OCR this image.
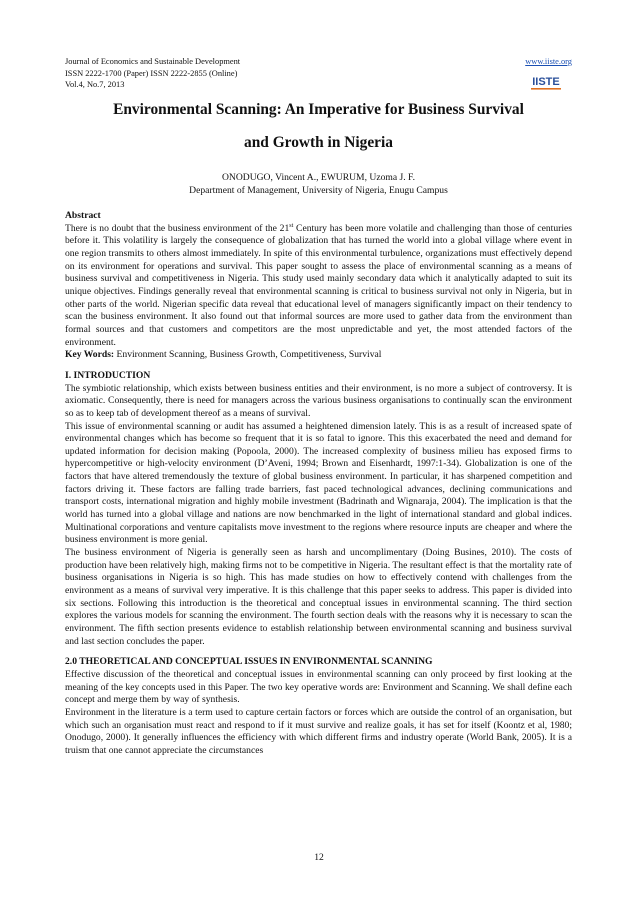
Journal of Economics and Sustainable Development
ISSN 2222-1700 (Paper) ISSN 2222-2855 (Online)
Vol.4, No.7, 2013
www.iiste.org
IISTE
Environmental Scanning: An Imperative for Business Survival
and Growth in Nigeria
ONODUGO, Vincent A., EWURUM, Uzoma J. F.
Department of Management, University of Nigeria, Enugu Campus

Abstract

There is no doubt that the business environment of the 21st Century has been more volatile and challenging than those of centuries before it. This volatility is largely the consequence of globalization that has turned the world into a global village where event in one region transmits to others almost immediately. In spite of this environmental turbulence, organizations must effectively depend on its environment for operations and survival. This paper sought to assess the place of environmental scanning as a means of business survival and competitiveness in Nigeria. This study used mainly secondary data which it analytically adapted to suit its unique objectives. Findings generally reveal that environmental scanning is critical to business survival not only in Nigeria, but in other parts of the world. Nigerian specific data reveal that educational level of managers significantly impact on their tendency to scan the business environment. It also found out that informal sources are more used to gather data from the environment than formal sources and that customers and competitors are the most unpredictable and yet, the most attended factors of the environment.

Key Words: Environment Scanning, Business Growth, Competitiveness, Survival

I. INTRODUCTION

The symbiotic relationship, which exists between business entities and their environment, is no more a subject of controversy. It is axiomatic. Consequently, there is need for managers across the various business organisations to continually scan the environment so as to keep tab of development thereof as a means of survival.

This issue of environmental scanning or audit has assumed a heightened dimension lately. This is as a result of increased spate of environmental changes which has become so frequent that it is so fatal to ignore. This this exacerbated the need and demand for updated information for decision making (Popoola, 2000). The increased complexity of business milieu has exposed firms to hypercompetitive or high-velocity environment (D’Aveni, 1994; Brown and Eisenhardt, 1997:1-34). Globalization is one of the factors that have altered tremendously the texture of global business environment. In particular, it has sharpened competition and factors driving it. These factors are falling trade barriers, fast paced technological advances, declining communications and transport costs, international migration and highly mobile investment (Badrinath and Wignaraja, 2004). The implication is that the world has turned into a global village and nations are now benchmarked in the light of international standard and global indices. Multinational corporations and venture capitalists move investment to the regions where resource inputs are cheaper and where the business environment is more genial.

The business environment of Nigeria is generally seen as harsh and uncomplimentary (Doing Busines, 2010). The costs of production have been relatively high, making firms not to be competitive in Nigeria. The resultant effect is that the mortality rate of business organisations in Nigeria is so high. This has made studies on how to effectively contend with challenges from the environment as a means of survival very imperative. It is this challenge that this paper seeks to address. This paper is divided into six sections. Following this introduction is the theoretical and conceptual issues in environmental scanning. The third section explores the various models for scanning the environment. The fourth section deals with the reasons why it is necessary to scan the environment. The fifth section presents evidence to establish relationship between environmental scanning and business survival and last section concludes the paper.

2.0 THEORETICAL AND CONCEPTUAL ISSUES IN ENVIRONMENTAL SCANNING

Effective discussion of the theoretical and conceptual issues in environmental scanning can only proceed by first looking at the meaning of the key concepts used in this Paper. The two key operative words are: Environment and Scanning. We shall define each concept and merge them by way of synthesis.

Environment in the literature is a term used to capture certain factors or forces which are outside the control of an organisation, but which such an organisation must react and respond to if it must survive and realize goals, it has set for itself (Koontz et al, 1980; Onodugo, 2000). It generally influences the efficiency with which different firms and industry operate (World Bank, 2005). It is a truism that one cannot appreciate the circumstances

12
